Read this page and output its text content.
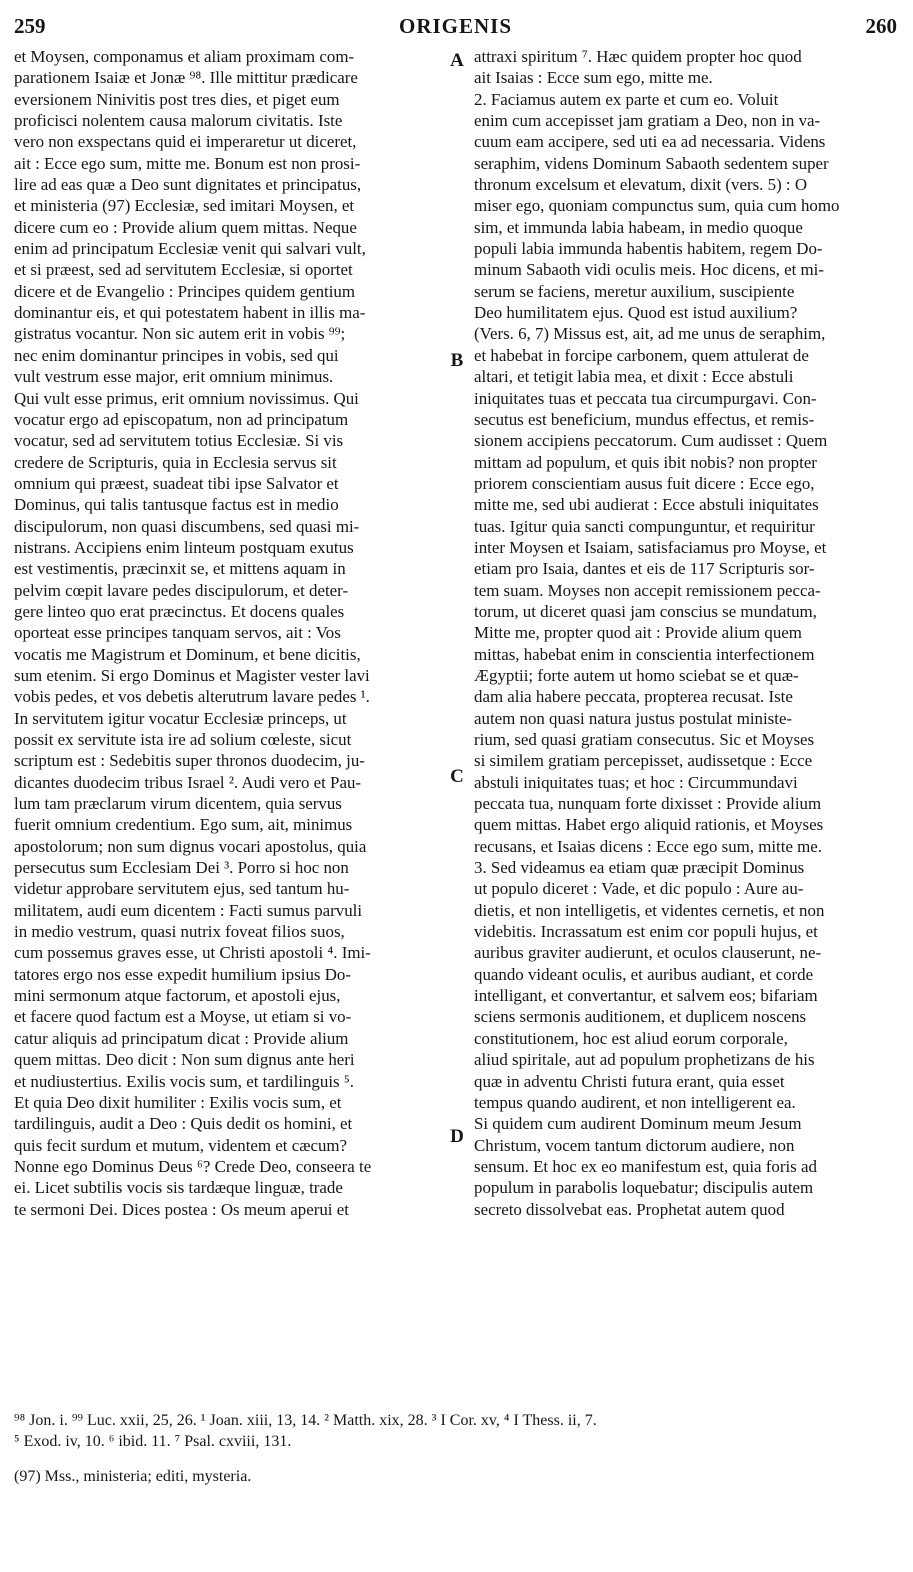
259	ORIGENIS	260
et Moysen, componamus et aliam proximam com-
parationem Isaiæ et Jonæ ⁹⁸. Ille mittitur prædicare
eversionem Ninivitis post tres dies, et piget eum
proficisci nolentem causa malorum civitatis. Iste
vero non exspectans quid ei imperaretur ut diceret,
ait : Ecce ego sum, mitte me. Bonum est non prosi-
lire ad eas quæ a Deo sunt dignitates et principatus,
et ministeria (97) Ecclesiæ, sed imitari Moysen, et
dicere cum eo : Provide alium quem mittas. Neque
enim ad principatum Ecclesiæ venit qui salvari vult,
et si præest, sed ad servitutem Ecclesiæ, si oportet
dicere et de Evangelio : Principes quidem gentium
dominantur eis, et qui potestatem habent in illis ma-
gistratus vocantur. Non sic autem erit in vobis ⁹⁹;
nec enim dominantur principes in vobis, sed qui
vult vestrum esse major, erit omnium minimus.
Qui vult esse primus, erit omnium novissimus. Qui
vocatur ergo ad episcopatum, non ad principatum
vocatur, sed ad servitutem totius Ecclesiæ. Si vis
credere de Scripturis, quia in Ecclesia servus sit
omnium qui præest, suadeat tibi ipse Salvator et
Dominus, qui talis tantusque factus est in medio
discipulorum, non quasi discumbens, sed quasi mi-
nistrans. Accipiens enim linteum postquam exutus
est vestimentis, præcinxit se, et mittens aquam in
pelvim cœpit lavare pedes discipulorum, et deter-
gere linteo quo erat præcinctus. Et docens quales
oporteat esse principes tanquam servos, ait : Vos
vocatis me Magistrum et Dominum, et bene dicitis,
sum etenim. Si ergo Dominus et Magister vester lavi
vobis pedes, et vos debetis alterutrum lavare pedes ¹.
In servitutem igitur vocatur Ecclesiæ princeps, ut
possit ex servitute ista ire ad solium cœleste, sicut
scriptum est : Sedebitis super thronos duodecim, ju-
dicantes duodecim tribus Israel ². Audi vero et Pau-
lum tam præclarum virum dicentem, quia servus
fuerit omnium credentium. Ego sum, ait, minimus
apostolorum; non sum dignus vocari apostolus, quia
persecutus sum Ecclesiam Dei ³. Porro si hoc non
videtur approbare servitutem ejus, sed tantum hu-
militatem, audi eum dicentem : Facti sumus parvuli
in medio vestrum, quasi nutrix foveat filios suos,
cum possemus graves esse, ut Christi apostoli ⁴. Imi-
tatores ergo nos esse expedit humilium ipsius Do-
mini sermonum atque factorum, et apostoli ejus,
et facere quod factum est a Moyse, ut etiam si vo-
catur aliquis ad principatum dicat : Provide alium
quem mittas. Deo dicit : Non sum dignus ante heri
et nudiustertius. Exilis vocis sum, et tardilinguis ⁵.
Et quia Deo dixit humiliter : Exilis vocis sum, et
tardilinguis, audit a Deo : Quis dedit os homini, et
quis fecit surdum et mutum, videntem et cæcum?
Nonne ego Dominus Deus ⁶? Crede Deo, conseera te
ei. Licet subtilis vocis sis tardæque linguæ, trade
te sermoni Dei. Dices postea : Os meum aperui et
attraxi spiritum ⁷. Hæc quidem propter hoc quod
ait Isaias : Ecce sum ego, mitte me.
2. Faciamus autem ex parte et cum eo. Voluit
enim cum accepisset jam gratiam a Deo, non in va-
cuum eam accipere, sed uti ea ad necessaria. Videns
seraphim, videns Dominum Sabaoth sedentem super
thronum excelsum et elevatum, dixit (vers. 5) : O
miser ego, quoniam compunctus sum, quia cum homo
sim, et immunda labia habeam, in medio quoque
populi labia immunda habentis habitem, regem Do-
minum Sabaoth vidi oculis meis. Hoc dicens, et mi-
serum se faciens, meretur auxilium, suscipiente
Deo humilitatem ejus. Quod est istud auxilium?
(Vers. 6, 7) Missus est, ait, ad me unus de seraphim,
et habebat in forcipe carbonem, quem attulerat de
altari, et tetigit labia mea, et dixit : Ecce abstuli
iniquitates tuas et peccata tua circumpurgavi. Con-
secutus est beneficium, mundus effectus, et remis-
sionem accipiens peccatorum. Cum audisset : Quem
mittam ad populum, et quis ibit nobis? non propter
priorem conscientiam ausus fuit dicere : Ecce ego,
mitte me, sed ubi audierat : Ecce abstuli iniquitates
tuas. Igitur quia sancti compunguntur, et requiritur
inter Moysen et Isaiam, satisfaciamus pro Moyse, et
etiam pro Isaia, dantes et eis de 117 Scripturis sor-
tem suam. Moyses non accepit remissionem pecca-
torum, ut diceret quasi jam conscius se mundatum,
Mitte me, propter quod ait : Provide alium quem
mittas, habebat enim in conscientia interfectionem
Ægyptii; forte autem ut homo sciebat se et quæ-
dam alia habere peccata, propterea recusat. Iste
autem non quasi natura justus postulat ministe-
rium, sed quasi gratiam consecutus. Sic et Moyses
si similem gratiam percepisset, audissetque : Ecce
abstuli iniquitates tuas; et hoc : Circummundavi
peccata tua, nunquam forte dixisset : Provide alium
quem mittas. Habet ergo aliquid rationis, et Moyses
recusans, et Isaias dicens : Ecce ego sum, mitte me.
3. Sed videamus ea etiam quæ præcipit Dominus
ut populo diceret : Vade, et dic populo : Aure au-
dietis, et non intelligetis, et videntes cernetis, et non
videbitis. Incrassatum est enim cor populi hujus, et
auribus graviter audierunt, et oculos clauserunt, ne-
quando videant oculis, et auribus audiant, et corde
intelligant, et convertantur, et salvem eos; bifariam
sciens sermonis auditionem, et duplicem noscens
constitutionem, hoc est aliud eorum corporale,
aliud spiritale, aut ad populum prophetizans de his
quæ in adventu Christi futura erant, quia esset
tempus quando audirent, et non intelligerent ea.
Si quidem cum audirent Dominum meum Jesum
Christum, vocem tantum dictorum audiere, non
sensum. Et hoc ex eo manifestum est, quia foris ad
populum in parabolis loquebatur; discipulis autem
secreto dissolvebat eas. Prophetat autem quod
A
B
C
D
⁹⁸ Jon. i. ⁹⁹ Luc. xxii, 25, 26. ¹ Joan. xiii, 13, 14. ² Matth. xix, 28. ³ I Cor. xv, ⁴ I Thess. ii, 7.
⁵ Exod. iv, 10. ⁶ ibid. 11. ⁷ Psal. cxviii, 131.
(97) Mss., ministeria; editi, mysteria.
